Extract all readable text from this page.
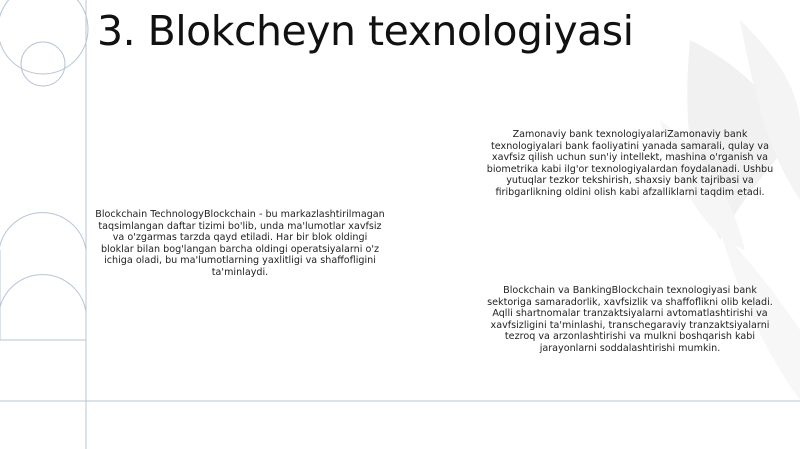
3. Blokcheyn texnologiyasi

Blockchain TechnologyBlockchain - bu markazlashtirilmagan taqsimlangan daftar tizimi bo'lib, unda ma'lumotlar xavfsiz va o'zgarmas tarzda qayd etiladi. Har bir blok oldingi bloklar bilan bog'langan barcha oldingi operatsiyalarni o'z ichiga oladi, bu ma'lumotlarning yaxlitligi va shaffofligini ta'minlaydi.

Zamonaviy bank texnologiyalariZamonaviy bank texnologiyalari bank faoliyatini yanada samarali, qulay va xavfsiz qilish uchun sun'iy intellekt, mashina o'rganish va biometrika kabi ilg'or texnologiyalardan foydalanadi. Ushbu yutuqlar tezkor tekshirish, shaxsiy bank tajribasi va firibgarlikning oldini olish kabi afzalliklarni taqdim etadi.

Blockchain va BankingBlockchain texnologiyasi bank sektoriga samaradorlik, xavfsizlik va shaffoflikni olib keladi. Aqlli shartnomalar tranzaktsiyalarni avtomatlashtirishi va xavfsizligini ta'minlashi, transchegaraviy tranzaktsiyalarni tezroq va arzonlashtirishi va mulkni boshqarish kabi jarayonlarni soddalashtirishi mumkin.
